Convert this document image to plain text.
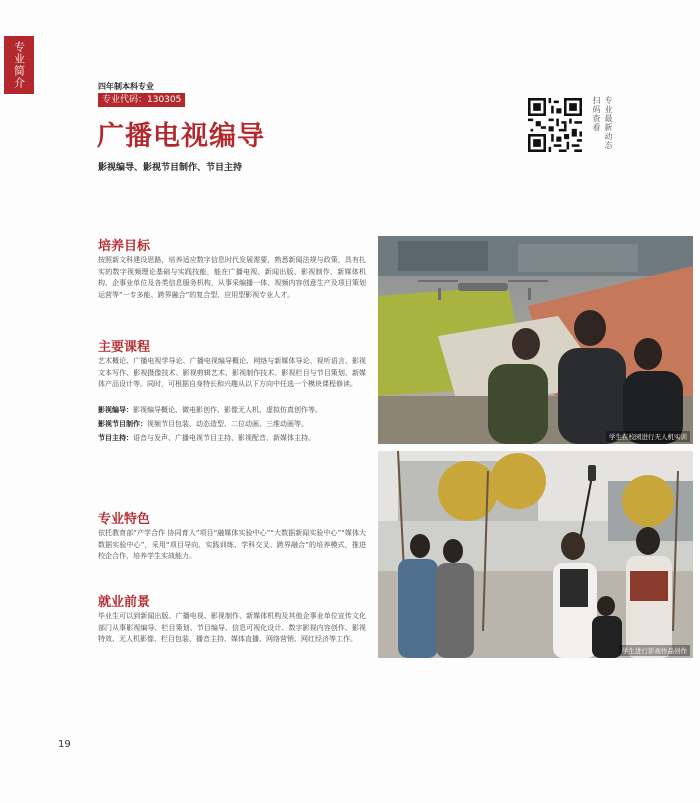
专业简介	四年制本科专业
专业代码：130305
广播电视编导
影视编导、影视节目制作、节目主持
扫码查看 专业最新动态
培养目标
按照新文科建设思路，培养适应数字信息时代发展需要，熟悉新闻法规与政策，具有扎实的数字视频理论基础与实践技能，能在广播电视、新闻出版、影视制作、新媒体机构、企事业单位及各类信息服务机构，从事采编播一体、视频内容创意生产及项目策划运营等“一专多能、跨界融合”的复合型、应用型影视专业人才。
主要课程
艺术概论、广播电视学导论、广播电视编导概论、网络与新媒体导论、视听语言、影视文本写作、影视摄像技术、影视剪辑艺术、影视制作技术、影视栏目与节目策划、新媒体产品设计等。同时，可根据自身特长和兴趣从以下方向中任选一个模块课程修读。
影视编导：影视编导概论、微电影创作、影像无人机、虚拟仿真创作等。
影视节目制作：视频节目包装、动态造型、二位动画、三维动画等。
节目主持：语音与发声、广播电视节目主持、影视配音、新媒体主持。
专业特色
依托教育部“产学合作 协同育人”项目“融媒体实验中心”“大数据新闻实验中心”“媒体大数据实验中心”，采用“项目导向、实践训练、学科交叉、跨界融合”的培养模式，推进校企合作，培养学生实战能力。
就业前景
毕业生可以到新闻出版、广播电视、影视制作、新媒体机构及其他企事业单位宣传文化部门从事影视编导、栏目策划、节目编导、信息可视化设计、数字影视内容创作、影视特效、无人机影像、栏目包装、播音主持、媒体直播、网络营销、网红经济等工作。
学生在校园进行无人机实训
学生进行影视作品创作
19
